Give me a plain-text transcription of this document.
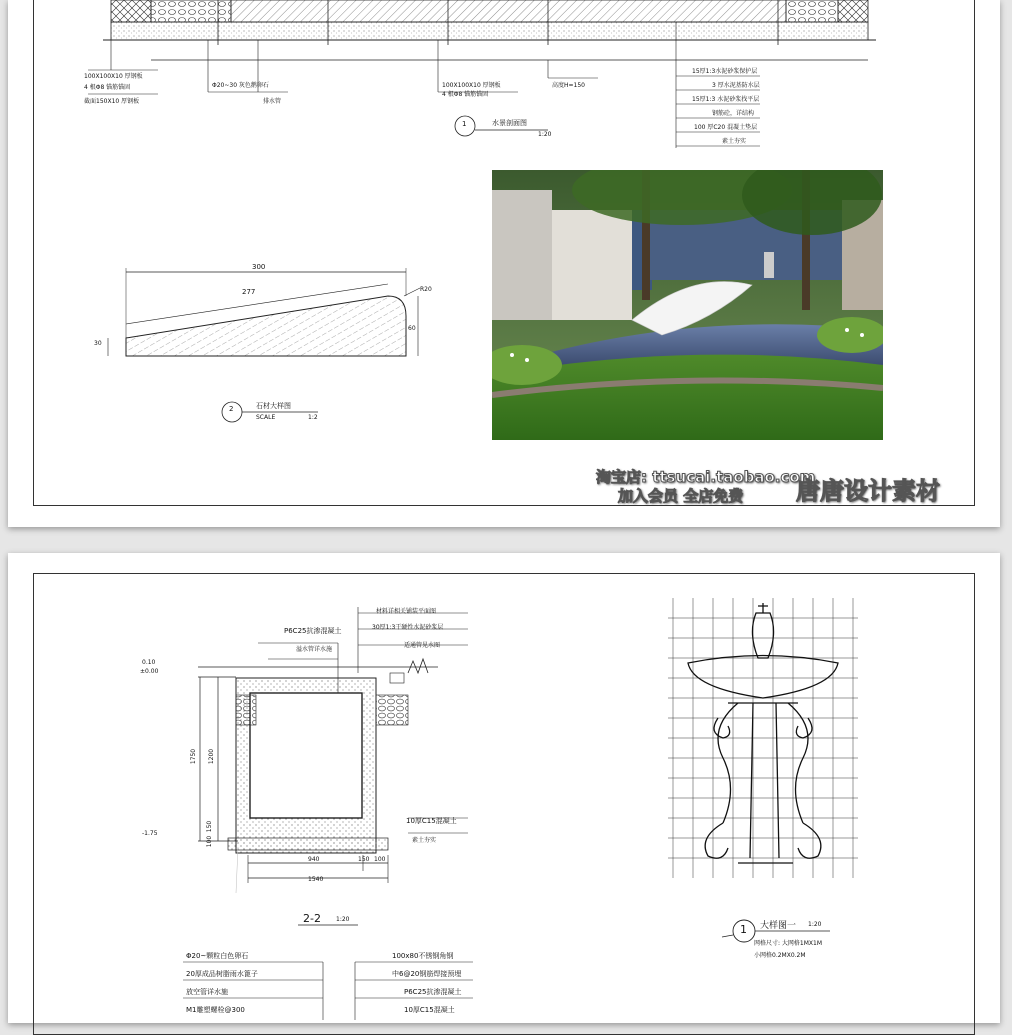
100X100X10 厚钢板
4 根Φ8 锚筋锚固
截面150X10 厚钢板
Φ20~30 灰色鹅卵石
排水管
100X100X10 厚钢板
4 根Φ8 锚筋锚固
高度H=150
15厚1:3水泥砂浆保护层
3 厚水泥基防水层
15厚1:3 水泥砂浆找平层
钢筋砼，详结构
100 厚C20 混凝土垫层
素土夯实
1	水景剖面图
1:20
300
277	R20
30
60
2	石材大样图
SCALE	1:2
淘宝店: ttsucai.taobao.com
加入会员 全店免费 唐唐设计素材
P6C25抗渗混凝土
溢水管详水施
材料详相关铺装平面图
30厚1:3干硬性水泥砂浆层
适通管见水图
0.10
±0.00
-1.75
1750 1200
150
100
10厚C15混凝土
素土夯实
940	150 100
1540
2-2	1:20
Φ20~颗粒白色卵石
20厚成品树脂雨水篦子
放空管详水施
M1雕塑螺栓@300
100x80不锈钢角钢
中6@20钢筋焊接预埋
P6C25抗渗混凝土
10厚C15混凝土
1 大样图一 1:20
网格尺寸: 大网格1MX1M
小网格0.2MX0.2M
